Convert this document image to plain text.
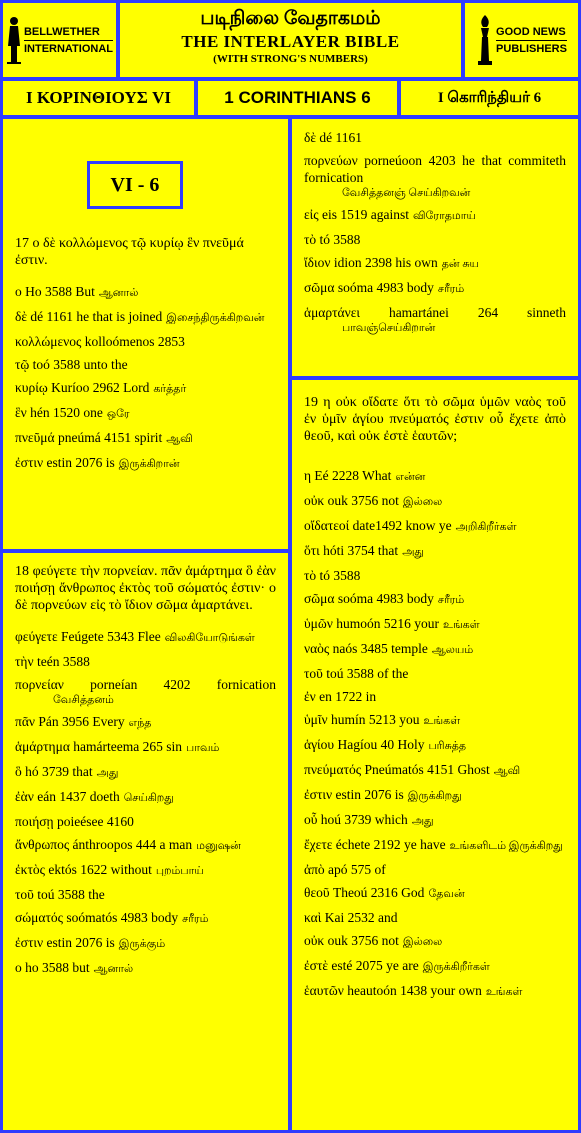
BELLWETHER
INTERNATIONAL
படிநிலை வேதாகமம்
THE INTERLAYER BIBLE
(WITH STRONG'S NUMBERS)
GOOD NEWS
PUBLISHERS
Ι ΚΟΡΙΝΘΙΟΥΣ VI	1 CORINTHIANS 6	I கொரிந்தியர் 6
VI - 6
17 ο δὲ κολλώμενος τῷ κυρίῳ ἓν πνεῦμά ἐστιν.
ο Ho 3588 But ஆனால்
δὲ dé 1161 he that is joined இசைந்திருக்கிறவன்
κολλώμενος kolloómenos 2853
τῷ toó 3588 unto the
κυρίῳ Kuríoo 2962 Lord கர்த்தர்
ἓν hén 1520 one ஒரே
πνεῦμά pneúmá 4151 spirit ஆவி
ἐστιν estin 2076 is இருக்கிறான்
18 φεύγετε τὴν πορνείαν. πᾶν ἁμάρτημα ὃ ἐὰν ποιήσῃ ἄνθρωπος ἐκτὸς τοῦ σώματός ἐστιν· ο δὲ πορνεύων εἰς τὸ ἴδιον σῶμα ἁμαρτάνει.
φεύγετε Feúgete 5343 Flee விலகியோடுங்கள்
τὴν teén 3588
πορνείαν porneían 4202 fornication
வேசித்தனம்
πᾶν Pán 3956 Every எந்த
ἁμάρτημα hamárteema 265 sin பாவம்
ὃ hó 3739 that அது
ἐὰν eán 1437 doeth செய்கிறது
ποιήσῃ poieésee 4160
ἄνθρωπος ánthroopos 444 a man மனுஷன்
ἐκτὸς ektós 1622 without புறம்பாய்
τοῦ toú 3588 the
σώματός soómatós 4983 body சரீரம்
ἐστιν estin 2076 is இருக்கும்
ο ho 3588 but ஆனால்
δὲ dé 1161
πορνεύων porneúoon 4203 he that commiteth fornication
வேசித்தனஞ் செய்கிறவன்
εἰς eis 1519 against விரோதமாய்
τὸ tó 3588
ἴδιον idion 2398 his own தன் சுய
σῶμα soóma 4983 body சரீரம்
ἁμαρτάνει hamartánei 264 sinneth
பாவஞ்செய்கிறான்
19 η οὐκ οἴδατε ὅτι τὸ σῶμα ὑμῶν ναὸς τοῦ ἐν ὑμῖν ἁγίου πνεύματός ἐστιν οὗ ἔχετε ἀπὸ θεοῦ, καὶ οὐκ ἐστὲ ἑαυτῶν;
η Eé 2228 What என்ன
οὐκ ouk 3756 not இல்லை
οἴδατεοί date1492 know ye அறிகிறீர்கள்
ὅτι hóti 3754 that அது
τὸ tó 3588
σῶμα soóma 4983 body சரீரம்
ὑμῶν humoón 5216 your உங்கள்
ναὸς naós 3485 temple ஆலயம்
τοῦ toú 3588 of the
ἐν en 1722 in
ὑμῖν humín 5213 you உங்கள்
ἁγίου Hagíou 40 Holy பரிசுத்த
πνεύματός Pneúmatós 4151 Ghost ஆவி
ἐστιν estin 2076 is இருக்கிறது
οὗ hoú 3739 which அது
ἔχετε échete 2192 ye have உங்களிடம் இருக்கிறது
ἀπὸ apó 575 of
θεοῦ Theoú 2316 God தேவன்
καὶ Kai 2532 and
οὐκ ouk 3756 not இல்லை
ἐστὲ esté 2075 ye are இருக்கிறீர்கள்
ἑαυτῶν heautoón 1438 your own உங்கள்
